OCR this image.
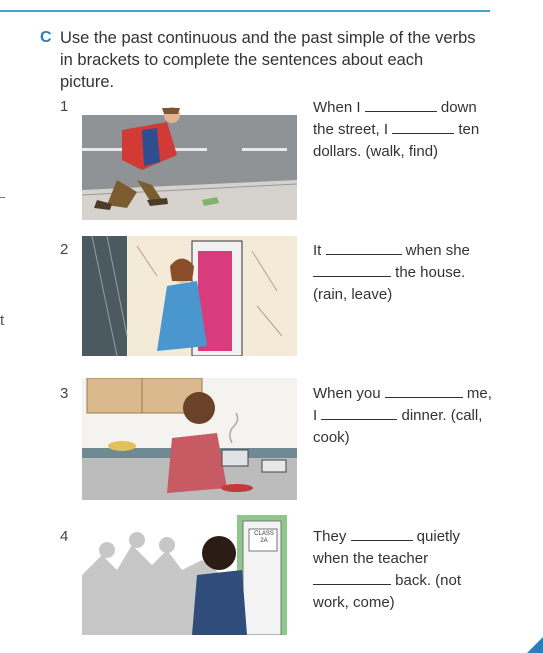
C Use the past continuous and the past simple of the verbs in brackets to complete the sentences about each picture.
1	When I	down the street, I	ten dollars. (walk, find)
2	It	when she  the house. (rain, leave)
3	When you	me, I	dinner. (call, cook)
4	CLASS 2A	They	quietly when the teacher  back. (not work, come)
t
